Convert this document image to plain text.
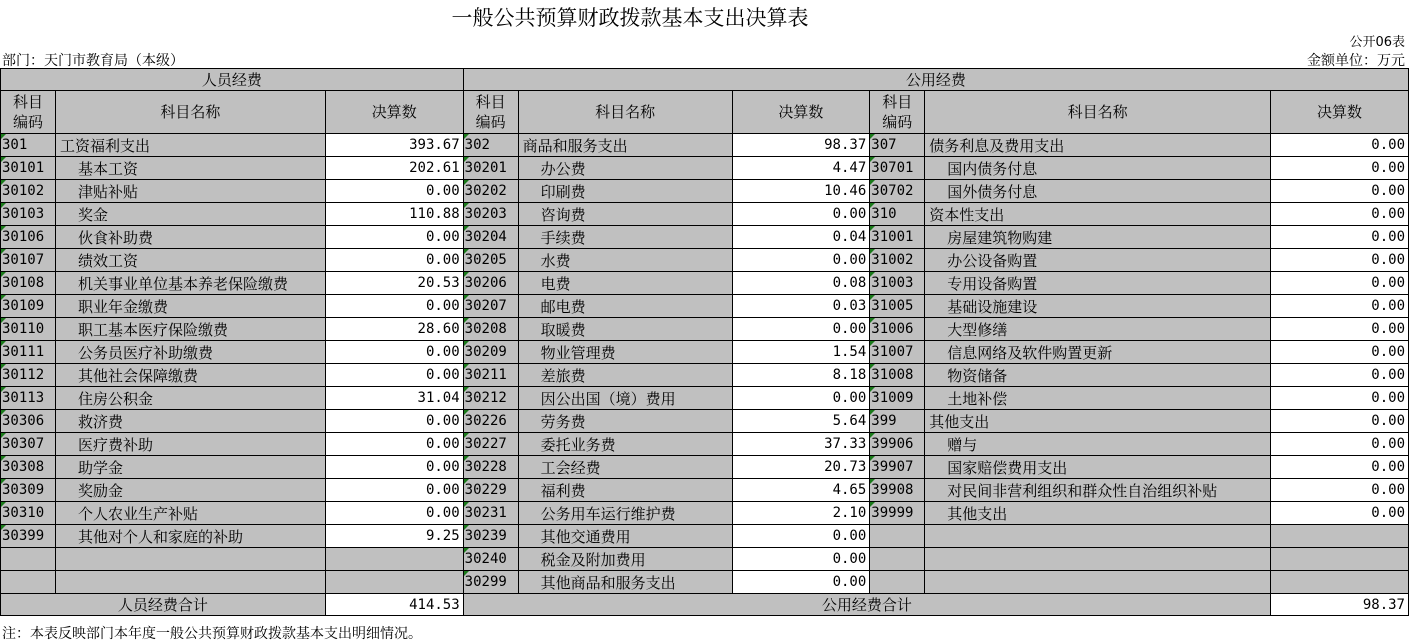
一般公共预算财政拨款基本支出决算表
公开06表
部门：天门市教育局（本级）	金额单位：万元
人员经费			公用经费					

科目编码	科目名称	决算数	科目编码	科目名称	决算数	科目编码	科目名称	决算数
301	工资福利支出	393.67	302	商品和服务支出	98.37	307	债务利息及费用支出	0.00
30101	基本工资	202.61	30201	办公费	4.47	30701	国内债务付息	0.00
30102	津贴补贴	0.00	30202	印刷费	10.46	30702	国外债务付息	0.00
30103	奖金	110.88	30203	咨询费	0.00	310	资本性支出	0.00
30106	伙食补助费	0.00	30204	手续费	0.04	31001	房屋建筑物购建	0.00
30107	绩效工资	0.00	30205	水费	0.00	31002	办公设备购置	0.00
30108	机关事业单位基本养老保险缴费	20.53	30206	电费	0.08	31003	专用设备购置	0.00
30109	职业年金缴费	0.00	30207	邮电费	0.03	31005	基础设施建设	0.00
30110	职工基本医疗保险缴费	28.60	30208	取暖费	0.00	31006	大型修缮	0.00
30111	公务员医疗补助缴费	0.00	30209	物业管理费	1.54	31007	信息网络及软件购置更新	0.00
30112	其他社会保障缴费	0.00	30211	差旅费	8.18	31008	物资储备	0.00
30113	住房公积金	31.04	30212	因公出国（境）费用	0.00	31009	土地补偿	0.00
30306	救济费	0.00	30226	劳务费	5.64	399	其他支出	0.00
30307	医疗费补助	0.00	30227	委托业务费	37.33	39906	赠与	0.00
30308	助学金	0.00	30228	工会经费	20.73	39907	国家赔偿费用支出	0.00
30309	奖励金	0.00	30229	福利费	4.65	39908	对民间非营利组织和群众性自治组织补贴	0.00
30310	个人农业生产补贴	0.00	30231	公务用车运行维护费	2.10	39999	其他支出	0.00
30399	其他对个人和家庭的补助	9.25	30239	其他交通费用	0.00			
			30240	税金及附加费用	0.00			
			30299	其他商品和服务支出	0.00			
人员经费合计		414.53	公用经费合计					98.37
注：本表反映部门本年度一般公共预算财政拨款基本支出明细情况。
